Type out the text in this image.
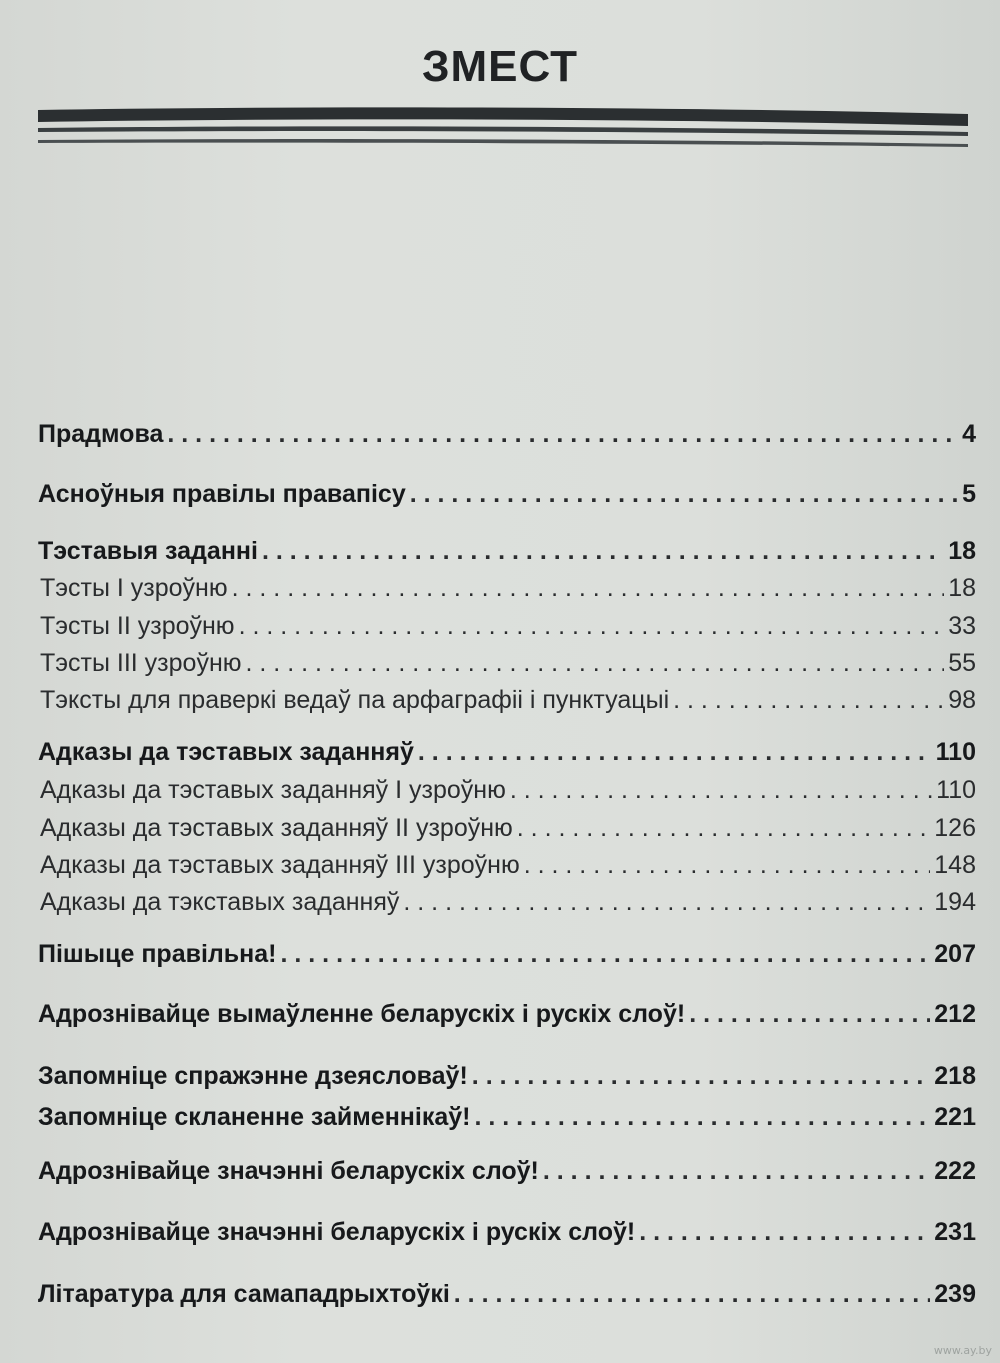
ЗМЕСТ
Прадмова . . .	4
Асноўныя правілы правапісу . . .	5
Тэставыя заданні . . .	18
Тэсты І узроўню . . .	18
Тэсты ІІ узроўню . . .	33
Тэсты ІІІ узроўню . . .	55
Тэксты для праверкі ведаў па арфаграфіі і пунктуацыі . . .	98
Адказы да тэставых заданняў . . .	110
Адказы да тэставых заданняў І узроўню . . .	110
Адказы да тэставых заданняў ІІ узроўню . . .	126
Адказы да тэставых заданняў ІІІ узроўню . . .	148
Адказы да тэкставых заданняў . . .	194
Пішыце правільна! . . .	207
Адрознівайце вымаўленне беларускіх і рускіх слоў! . . .	212
Запомніце спражэнне дзеясловаў! . . .	218
Запомніце скланенне займеннікаў! . . .	221
Адрознівайце значэнні беларускіх слоў! . . .	222
Адрознівайце значэнні беларускіх і рускіх слоў! . . .	231
Літаратура для самападрыхтоўкі . . .	239
www.ay.by
